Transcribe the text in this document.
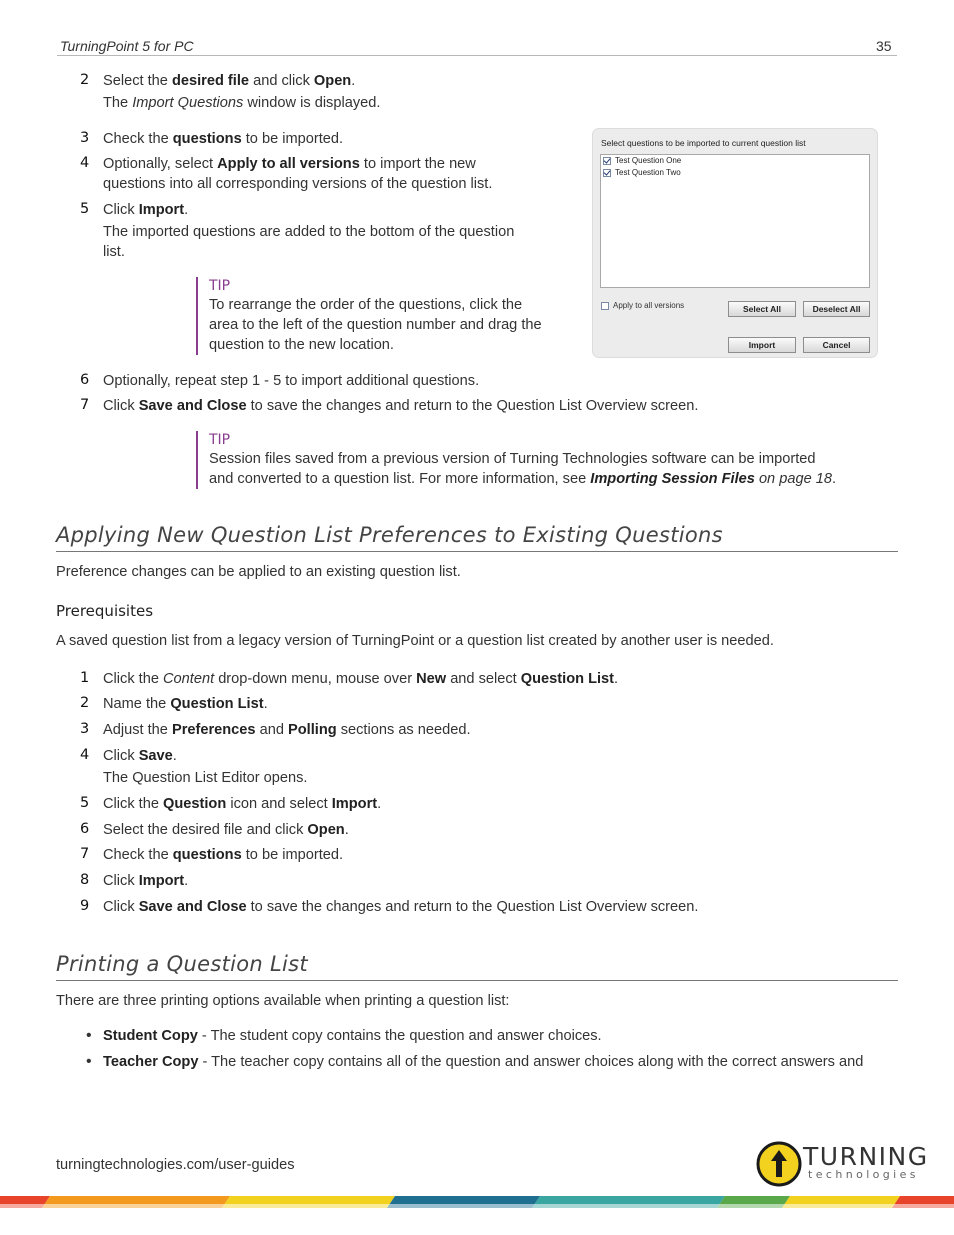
TurningPoint 5 for PC	35
2 Select the desired file and click Open.
The Import Questions window is displayed.
3 Check the questions to be imported.
4 Optionally, select Apply to all versions to import the new
questions into all corresponding versions of the question list.
5 Click Import.
The imported questions are added to the bottom of the question
list.
TIP
To rearrange the order of the questions, click the
area to the left of the question number and drag the
question to the new location.
6 Optionally, repeat step 1 - 5 to import additional questions.
7 Click Save and Close to save the changes and return to the Question List Overview screen.
TIP
Session files saved from a previous version of Turning Technologies software can be imported
and converted to a question list. For more information, see Importing Session Files on page 18.
Select questions to be imported to current question list
Test Question One
Test Question Two
Apply to all versions	Select All	Deselect All
Import	Cancel
Applying New Question List Preferences to Existing Questions
Preference changes can be applied to an existing question list.
Prerequisites
A saved question list from a legacy version of TurningPoint or a question list created by another user is needed.
1 Click the Content drop-down menu, mouse over New and select Question List.
2 Name the Question List.
3 Adjust the Preferences and Polling sections as needed.
4 Click Save.
The Question List Editor opens.
5 Click the Question icon and select Import.
6 Select the desired file and click Open.
7 Check the questions to be imported.
8 Click Import.
9 Click Save and Close to save the changes and return to the Question List Overview screen.
Printing a Question List
There are three printing options available when printing a question list:
• Student Copy - The student copy contains the question and answer choices.
• Teacher Copy - The teacher copy contains all of the question and answer choices along with the correct answers and
turningtechnologies.com/user-guides	TURNING
technologies
